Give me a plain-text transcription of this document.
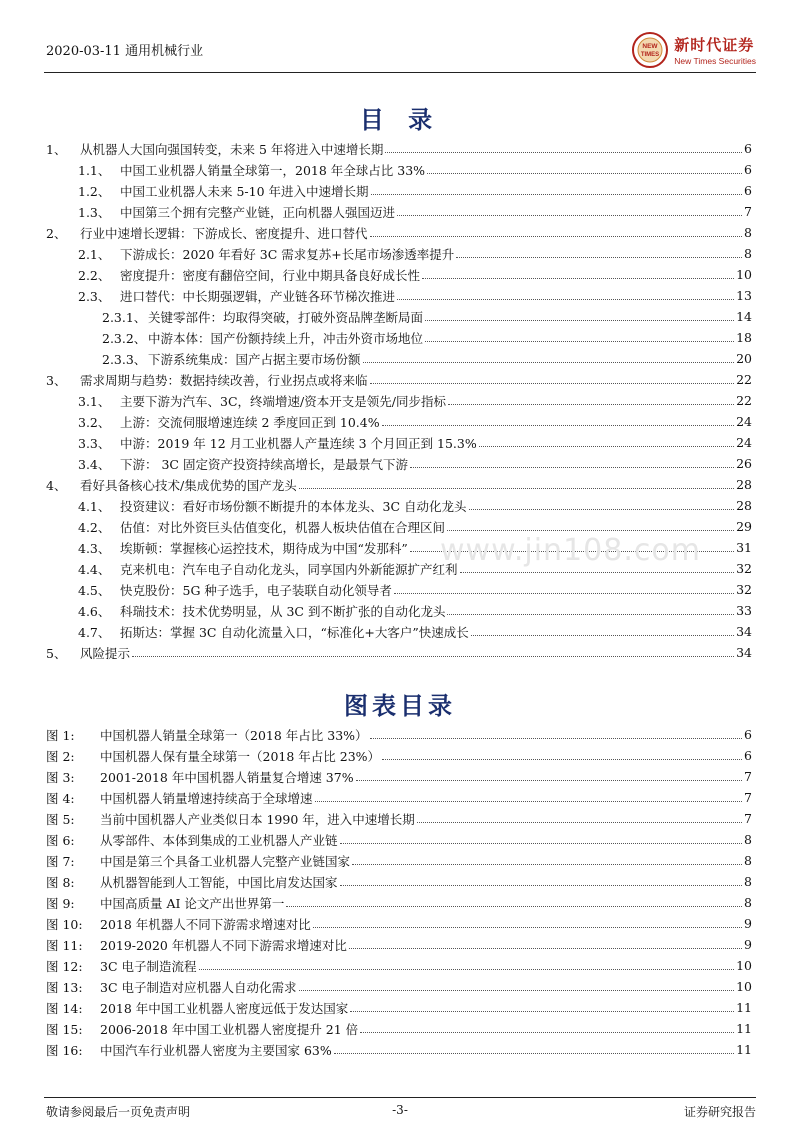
2020-03-11 通用机械行业	NEW
TIMES
新时代证券
New Times Securities
目 录
1、	从机器人大国向强国转变，未来 5 年将进入中速增长期	6
1.1、 中国工业机器人销量全球第一，2018 年全球占比 33%	6
1.2、 中国工业机器人未来 5-10 年进入中速增长期	6
1.3、 中国第三个拥有完整产业链，正向机器人强国迈进	7
2、	行业中速增长逻辑：下游成长、密度提升、进口替代	8
2.1、 下游成长：2020 年看好 3C 需求复苏+长尾市场渗透率提升	8
2.2、 密度提升：密度有翻倍空间，行业中期具备良好成长性	10
2.3、 进口替代：中长期强逻辑，产业链各环节梯次推进	13
2.3.1、 关键零部件：均取得突破，打破外资品牌垄断局面	14
2.3.2、 中游本体：国产份额持续上升，冲击外资市场地位	18
2.3.3、 下游系统集成：国产占据主要市场份额	20
3、	需求周期与趋势：数据持续改善，行业拐点或将来临	22
3.1、 主要下游为汽车、3C，终端增速/资本开支是领先/同步指标	22
3.2、 上游：交流伺服增速连续 2 季度回正到 10.4%	24
3.3、 中游：2019 年 12 月工业机器人产量连续 3 个月回正到 15.3%	24
3.4、 下游： 3C 固定资产投资持续高增长，是最景气下游	26
4、	看好具备核心技术/集成优势的国产龙头	28
4.1、 投资建议：看好市场份额不断提升的本体龙头、3C 自动化龙头	28
4.2、 估值：对比外资巨头估值变化，机器人板块估值在合理区间	29
4.3、 埃斯顿：掌握核心运控技术，期待成为中国“发那科”	31
4.4、 克来机电：汽车电子自动化龙头，同享国内外新能源扩产红利	32
4.5、 快克股份：5G 种子选手，电子装联自动化领导者	32
4.6、 科瑞技术：技术优势明显，从 3C 到不断扩张的自动化龙头	33
4.7、 拓斯达：掌握 3C 自动化流量入口，“标准化+大客户”快速成长	34
5、	风险提示	34
www.jin108.com
图表目录
图 1:	中国机器人销量全球第一（2018 年占比 33%）	6
图 2:	中国机器人保有量全球第一（2018 年占比 23%）	6
图 3:	2001-2018 年中国机器人销量复合增速 37%	7
图 4:	中国机器人销量增速持续高于全球增速	7
图 5:	当前中国机器人产业类似日本 1990 年，进入中速增长期	7
图 6:	从零部件、本体到集成的工业机器人产业链	8
图 7:	中国是第三个具备工业机器人完整产业链国家	8
图 8:	从机器智能到人工智能，中国比肩发达国家	8
图 9:	中国高质量 AI 论文产出世界第一	8
图 10:	2018 年机器人不同下游需求增速对比	9
图 11:	2019-2020 年机器人不同下游需求增速对比	9
图 12:	3C 电子制造流程	10
图 13:	3C 电子制造对应机器人自动化需求	10
图 14:	2018 年中国工业机器人密度远低于发达国家	11
图 15:	2006-2018 年中国工业机器人密度提升 21 倍	11
图 16:	中国汽车行业机器人密度为主要国家 63%	11
敬请参阅最后一页免责声明	-3-	证券研究报告
